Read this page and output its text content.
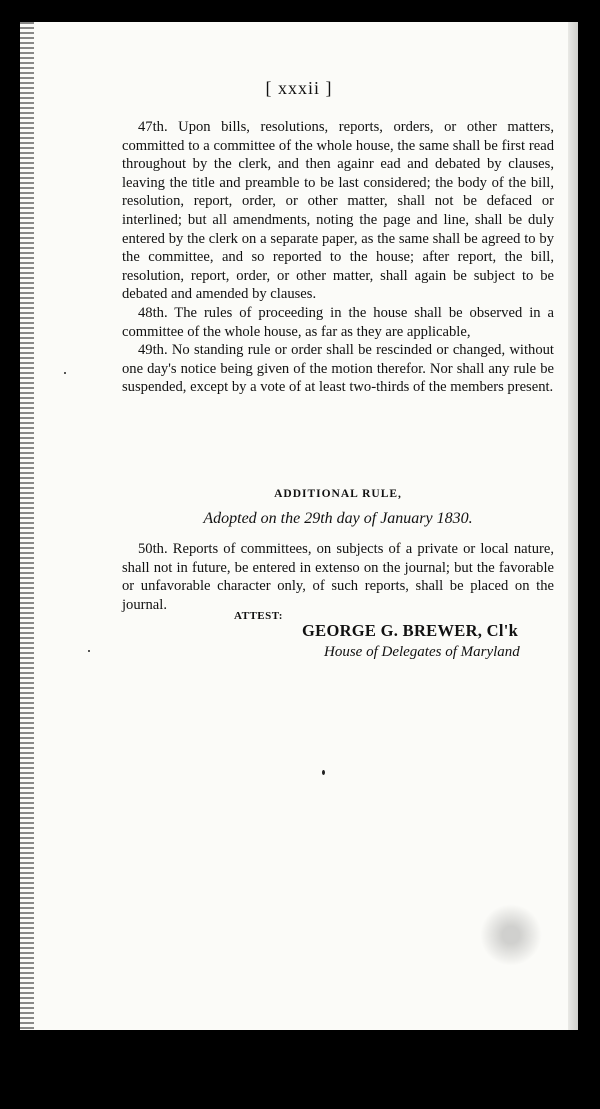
[ xxxii ]

47th. Upon bills, resolutions, reports, orders, or other matters, committed to a committee of the whole house, the same shall be first read throughout by the clerk, and then againr ead and debated by clauses, leaving the title and preamble to be last considered; the body of the bill, resolution, report, order, or other matter, shall not be defaced or interlined; but all amendments, noting the page and line, shall be duly entered by the clerk on a separate paper, as the same shall be agreed to by the committee, and so reported to the house; after report, the bill, resolution, report, order, or other matter, shall again be subject to be debated and amended by clauses.

48th. The rules of proceeding in the house shall be observed in a committee of the whole house, as far as they are applicable,

49th. No standing rule or order shall be rescinded or changed, without one day's notice being given of the motion therefor. Nor shall any rule be suspended, except by a vote of at least two-thirds of the members present.

ADDITIONAL RULE,
Adopted on the 29th day of January 1830.

50th. Reports of committees, on subjects of a private or local nature, shall not in future, be entered in extenso on the journal; but the favorable or unfavorable character only, of such reports, shall be placed on the journal.

ATTEST:
GEORGE G. BREWER, Cl'k
House of Delegates of Maryland
